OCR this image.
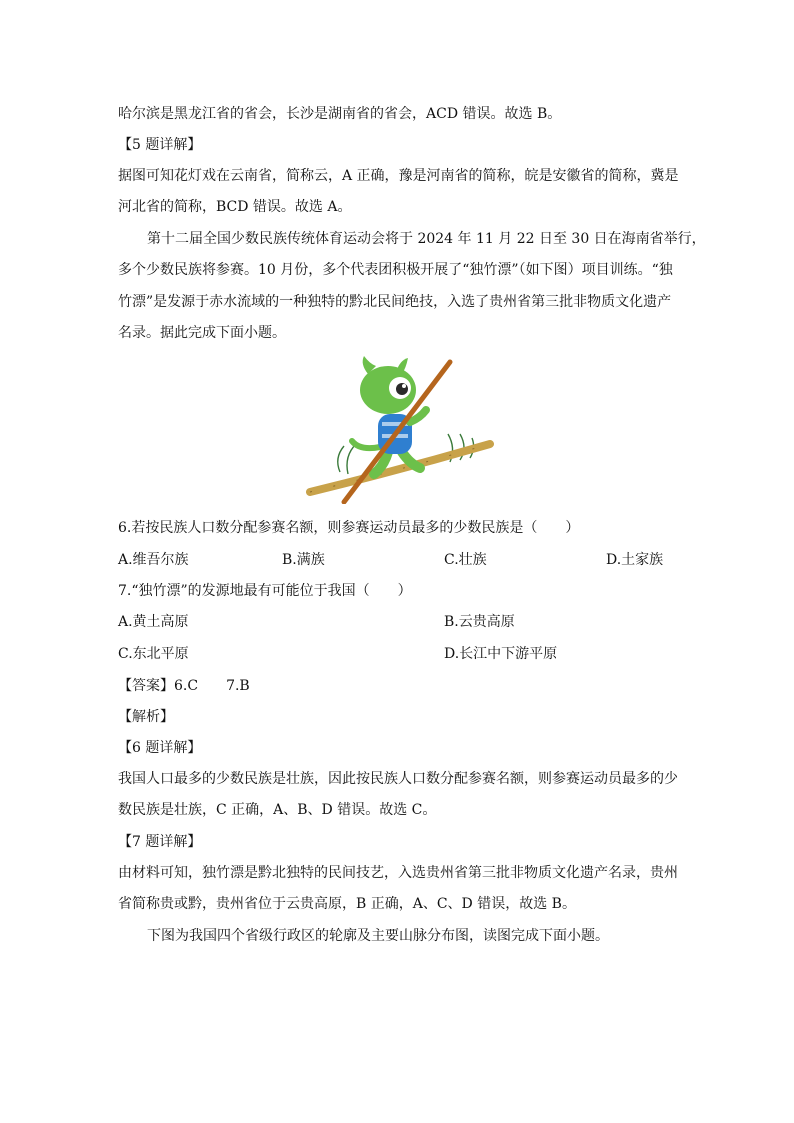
哈尔滨是黑龙江省的省会，长沙是湖南省的省会，ACD 错误。故选 B。
【5 题详解】
据图可知花灯戏在云南省，简称云，A 正确，豫是河南省的简称，皖是安徽省的简称，冀是
河北省的简称，BCD 错误。故选 A。
第十二届全国少数民族传统体育运动会将于 2024 年 11 月 22 日至 30 日在海南省举行，
多个少数民族将参赛。10 月份，多个代表团积极开展了“独竹漂”（如下图）项目训练。“独
竹漂”是发源于赤水流域的一种独特的黔北民间绝技，入选了贵州省第三批非物质文化遗产
名录。据此完成下面小题。
6.若按民族人口数分配参赛名额，则参赛运动员最多的少数民族是（　　）
A.维吾尔族	B.满族	C.壮族	D.土家族
7.“独竹漂”的发源地最有可能位于我国（　　）
A.黄土高原	B.云贵高原
C.东北平原	D.长江中下游平原
【答案】6.C　　7.B
【解析】
【6 题详解】
我国人口最多的少数民族是壮族，因此按民族人口数分配参赛名额，则参赛运动员最多的少
数民族是壮族，C 正确，A、B、D 错误。故选 C。
【7 题详解】
由材料可知，独竹漂是黔北独特的民间技艺，入选贵州省第三批非物质文化遗产名录，贵州
省简称贵或黔，贵州省位于云贵高原，B 正确，A、C、D 错误，故选 B。
下图为我国四个省级行政区的轮廓及主要山脉分布图，读图完成下面小题。
